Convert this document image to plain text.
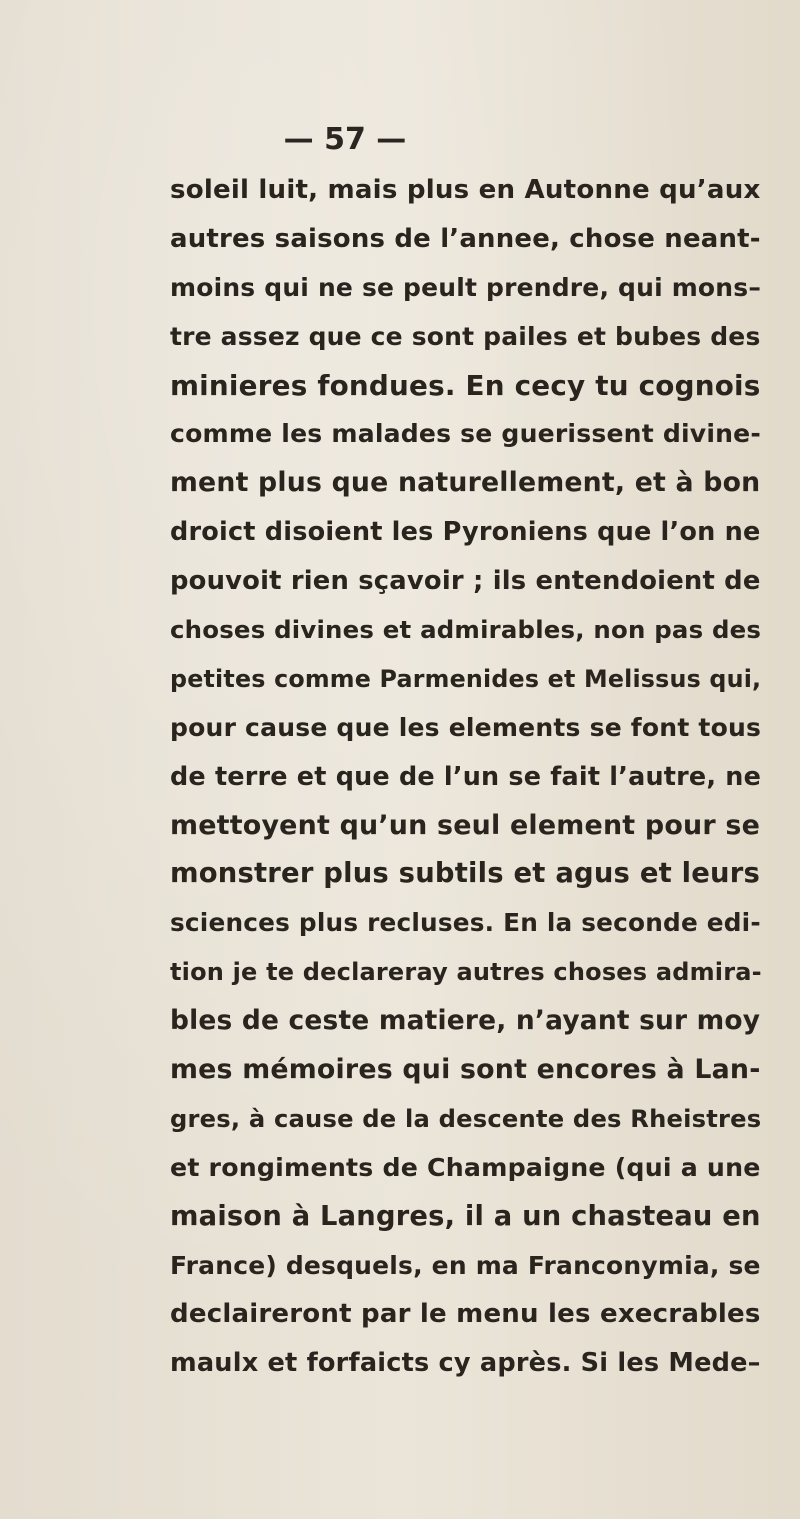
— 57 —
soleil luit, mais plus en Autonne qu’aux
autres saisons de l’annee, chose neant-
moins qui ne se peult prendre, qui mons–
tre assez que ce sont pailes et bubes des
minieres fondues. En cecy tu cognois
comme les malades se guerissent divine-
ment plus que naturellement, et à bon
droict disoient les Pyroniens que l’on ne
pouvoit rien sçavoir ; ils entendoient de
choses divines et admirables, non pas des
petites comme Parmenides et Melissus qui,
pour cause que les elements se font tous
de terre et que de l’un se fait l’autre, ne
mettoyent qu’un seul element pour se
monstrer plus subtils et agus et leurs
sciences plus recluses. En la seconde edi-
tion je te declareray autres choses admira-
bles de ceste matiere, n’ayant sur moy
mes mémoires qui sont encores à Lan-
gres, à cause de la descente des Rheistres
et rongiments de Champaigne (qui a une
maison à Langres, il a un chasteau en
France) desquels, en ma Franconymia, se
declaireront par le menu les execrables
maulx et forfaicts cy après. Si les Mede–
